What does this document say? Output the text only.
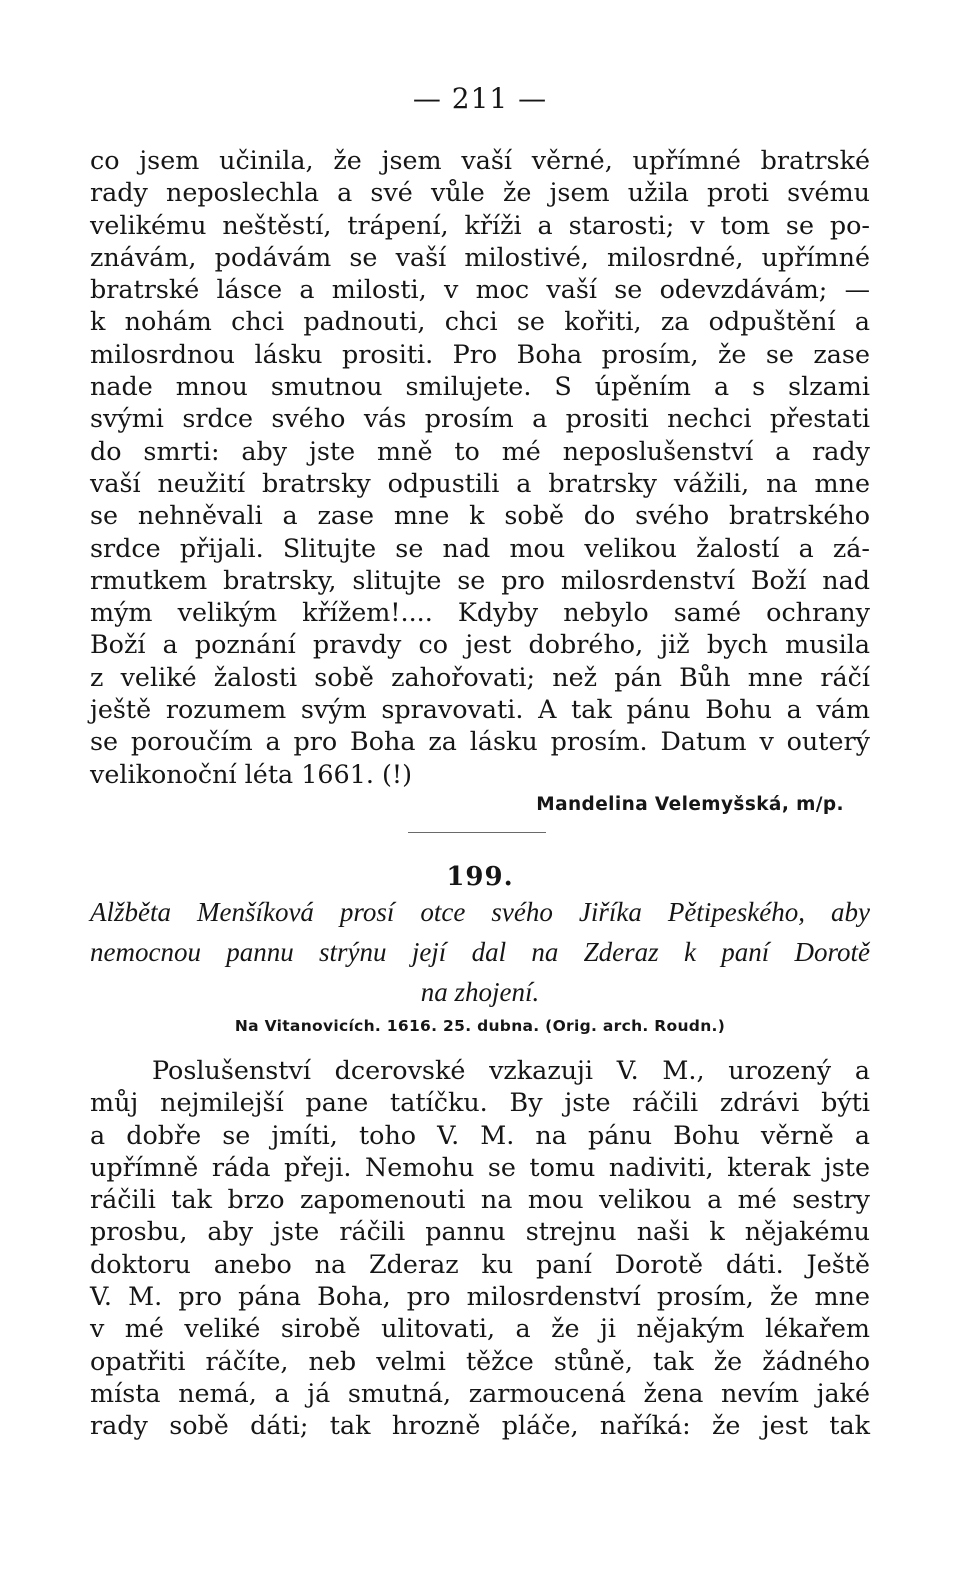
— 211 —
co jsem učinila, že jsem vaší věrné, upřímné bratrské
rady neposlechla a své vůle že jsem užila proti svému
velikému neštěstí, trápení, kříži a starosti; v tom se po-
znávám, podávám se vaší milostivé, milosrdné, upřímné
bratrské lásce a milosti, v moc vaší se odevzdávám; —
k nohám chci padnouti, chci se kořiti, za odpuštění a
milosrdnou lásku prositi. Pro Boha prosím, že se zase
nade mnou smutnou smilujete. S úpěním a s slzami
svými srdce svého vás prosím a prositi nechci přestati
do smrti: aby jste mně to mé neposlušenství a rady
vaší neužití bratrsky odpustili a bratrsky vážili, na mne
se nehněvali a zase mne k sobě do svého bratrského
srdce přijali. Slitujte se nad mou velikou žalostí a zá-
rmutkem bratrsky, slitujte se pro milosrdenství Boží nad
mým velikým křížem!.... Kdyby nebylo samé ochrany
Boží a poznání pravdy co jest dobrého, již bych musila
z veliké žalosti sobě zahořovati; než pán Bůh mne ráčí
ještě rozumem svým spravovati. A tak pánu Bohu a vám
se poroučím a pro Boha za lásku prosím. Datum v outerý
velikonoční léta 1661. (!)
Mandelina Velemyšská, m/p.
199.
Alžběta Menšíková prosí otce svého Jiříka Pětipeského, aby
nemocnou pannu strýnu její dal na Zderaz k paní Dorotě
na zhojení.
Na Vitanovicích. 1616. 25. dubna. (Orig. arch. Roudn.)
Poslušenství dcerovské vzkazuji V. M., urozený a
můj nejmilejší pane tatíčku. By jste ráčili zdrávi býti
a dobře se jmíti, toho V. M. na pánu Bohu věrně a
upřímně ráda přeji. Nemohu se tomu nadiviti, kterak jste
ráčili tak brzo zapomenouti na mou velikou a mé sestry
prosbu, aby jste ráčili pannu strejnu naši k nějakému
doktoru anebo na Zderaz ku paní Dorotě dáti. Ještě
V. M. pro pána Boha, pro milosrdenství prosím, že mne
v mé veliké sirobě ulitovati, a že ji nějakým lékařem
opatřiti ráčíte, neb velmi těžce stůně, tak že žádného
místa nemá, a já smutná, zarmoucená žena nevím jaké
rady sobě dáti; tak hrozně pláče, naříká: že jest tak
